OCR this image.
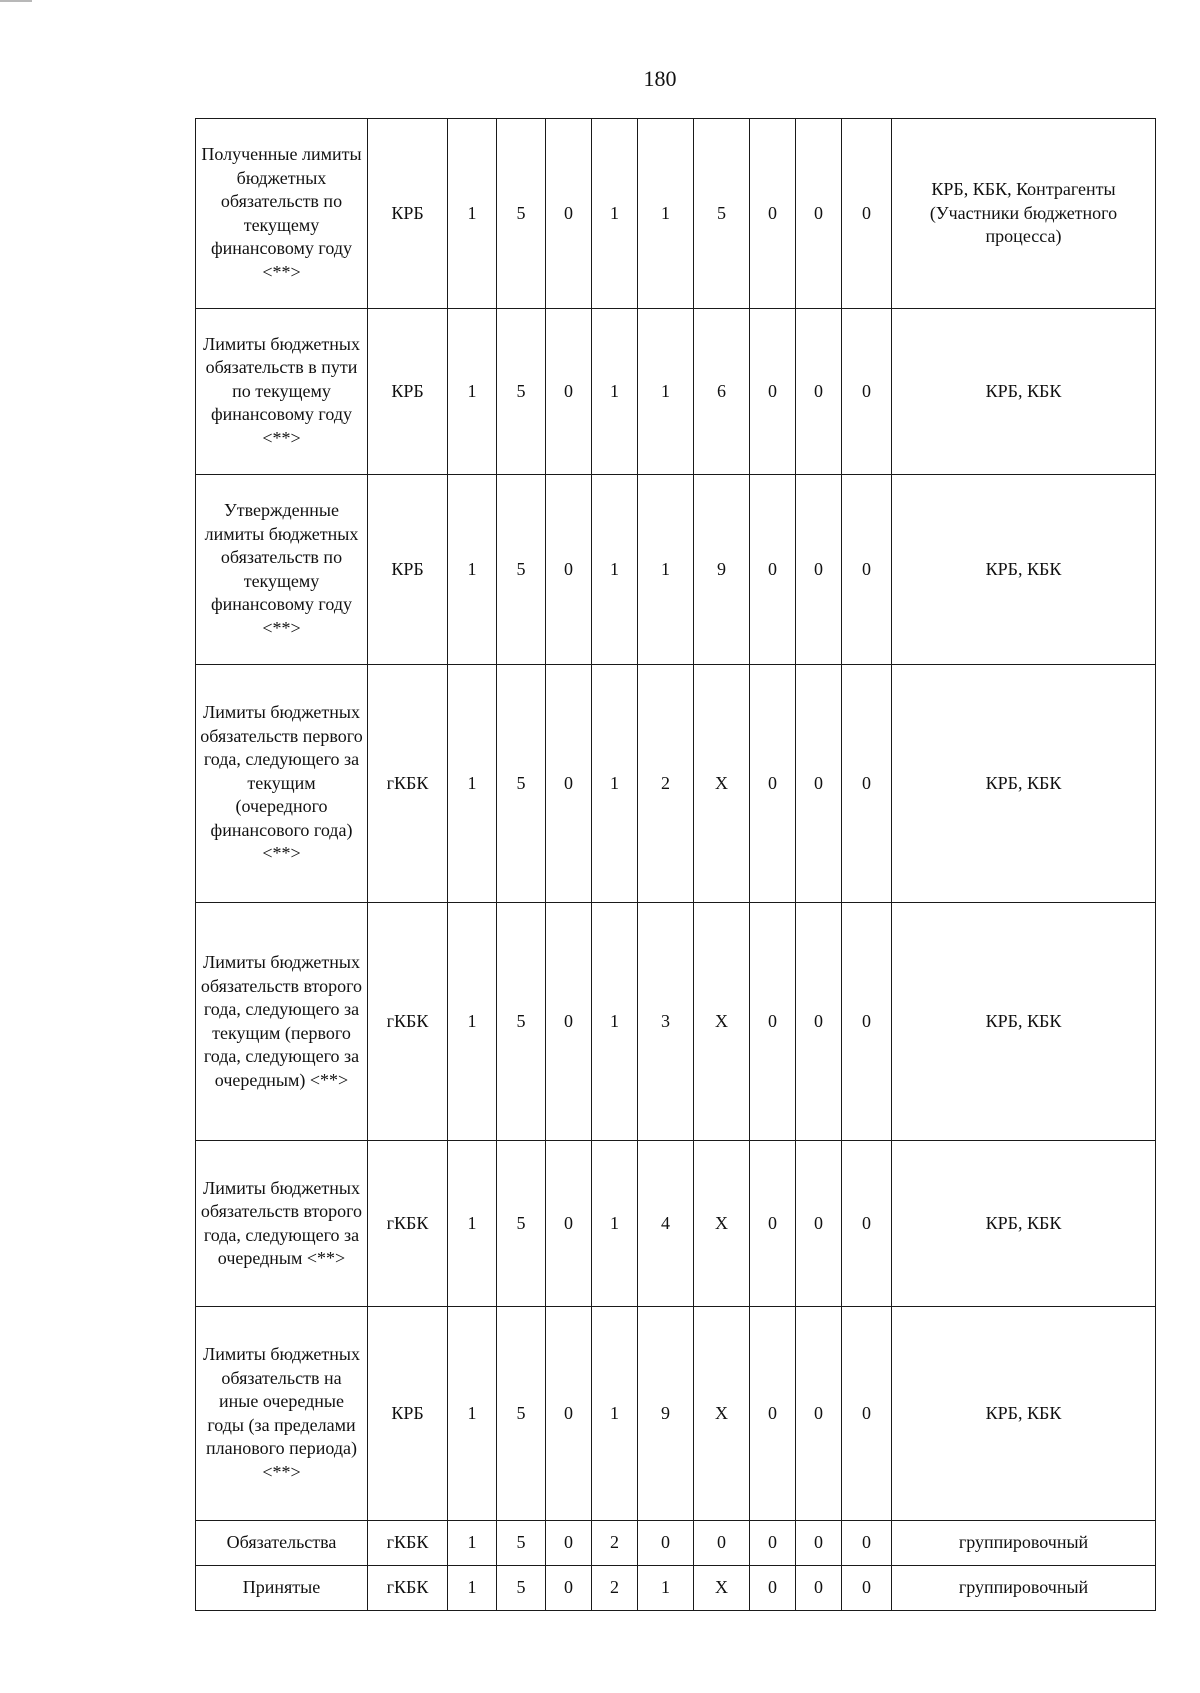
180
Полученные лимиты бюджетных обязательств по текущему финансовому году <**>	КРБ	1	5	0	1	1	5	0	0	0	КРБ, КБК, Контрагенты (Участники бюджетного процесса)
Лимиты бюджетных обязательств в пути по текущему финансовому году <**>	КРБ	1	5	0	1	1	6	0	0	0	КРБ, КБК
Утвержденные лимиты бюджетных обязательств по текущему финансовому году <**>	КРБ	1	5	0	1	1	9	0	0	0	КРБ, КБК
Лимиты бюджетных обязательств первого года, следующего за текущим (очередного финансового года) <**>	гКБК	1	5	0	1	2	X	0	0	0	КРБ, КБК
Лимиты бюджетных обязательств второго года, следующего за текущим (первого года, следующего за очередным) <**>	гКБК	1	5	0	1	3	X	0	0	0	КРБ, КБК
Лимиты бюджетных обязательств второго года, следующего за очередным <**>	гКБК	1	5	0	1	4	X	0	0	0	КРБ, КБК
Лимиты бюджетных обязательств на иные очередные годы (за пределами планового периода) <**>	КРБ	1	5	0	1	9	X	0	0	0	КРБ, КБК
Обязательства	гКБК	1	5	0	2	0	0	0	0	0	группировочный
Принятые	гКБК	1	5	0	2	1	X	0	0	0	группировочный
